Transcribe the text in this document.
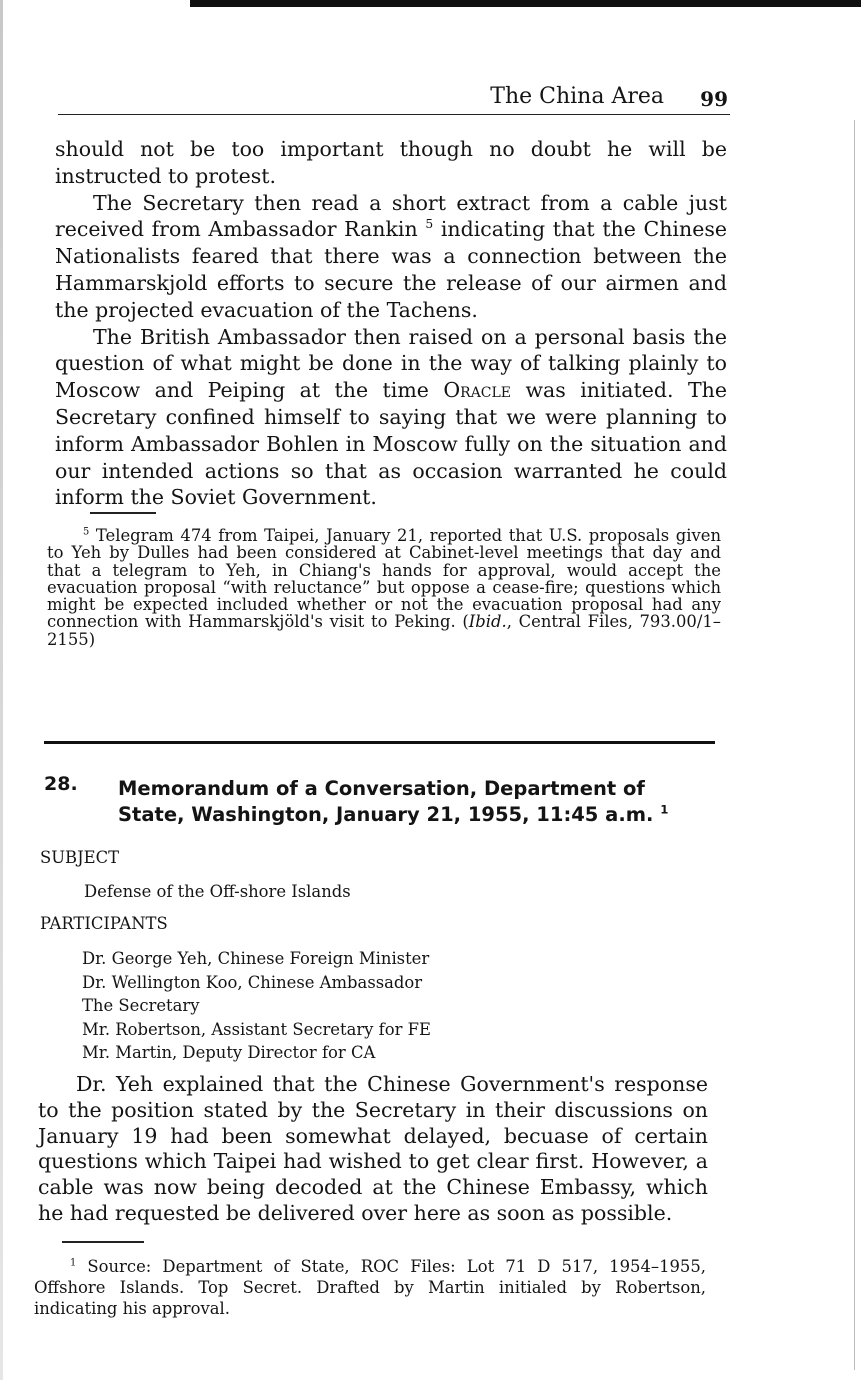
The China Area 99

should not be too important though no doubt he will be instructed to protest.

The Secretary then read a short extract from a cable just received from Ambassador Rankin $^5$ indicating that the Chinese Nationalists feared that there was a connection between the Hammarskjold efforts to secure the release of our airmen and the projected evacuation of the Tachens.

The British Ambassador then raised on a personal basis the question of what might be done in the way of talking plainly to Moscow and Peiping at the time Oracle was initiated. The Secretary confined himself to saying that we were planning to inform Ambassador Bohlen in Moscow fully on the situation and our intended actions so that as occasion warranted he could inform the Soviet Government.

$^5$ Telegram 474 from Taipei, January 21, reported that U.S. proposals given to Yeh by Dulles had been considered at Cabinet-level meetings that day and that a telegram to Yeh, in Chiang's hands for approval, would accept the evacuation proposal “with reluctance” but oppose a cease-fire; questions which might be expected included whether or not the evacuation proposal had any connection with Hammarskjöld's visit to Peking. (Ibid., Central Files, 793.00/1–2155)

28. Memorandum of a Conversation, Department of State, Washington, January 21, 1955, 11:45 a.m. $^1$
SUBJECT
Defense of the Off-shore Islands
PARTICIPANTS
Dr. George Yeh, Chinese Foreign Minister
Dr. Wellington Koo, Chinese Ambassador
The Secretary
Mr. Robertson, Assistant Secretary for FE
Mr. Martin, Deputy Director for CA

Dr. Yeh explained that the Chinese Government's response to the position stated by the Secretary in their discussions on January 19 had been somewhat delayed, becuase of certain questions which Taipei had wished to get clear first. However, a cable was now being decoded at the Chinese Embassy, which he had requested be delivered over here as soon as possible.

$^1$ Source: Department of State, ROC Files: Lot 71 D 517, 1954–1955, Offshore Islands. Top Secret. Drafted by Martin initialed by Robertson, indicating his approval.
